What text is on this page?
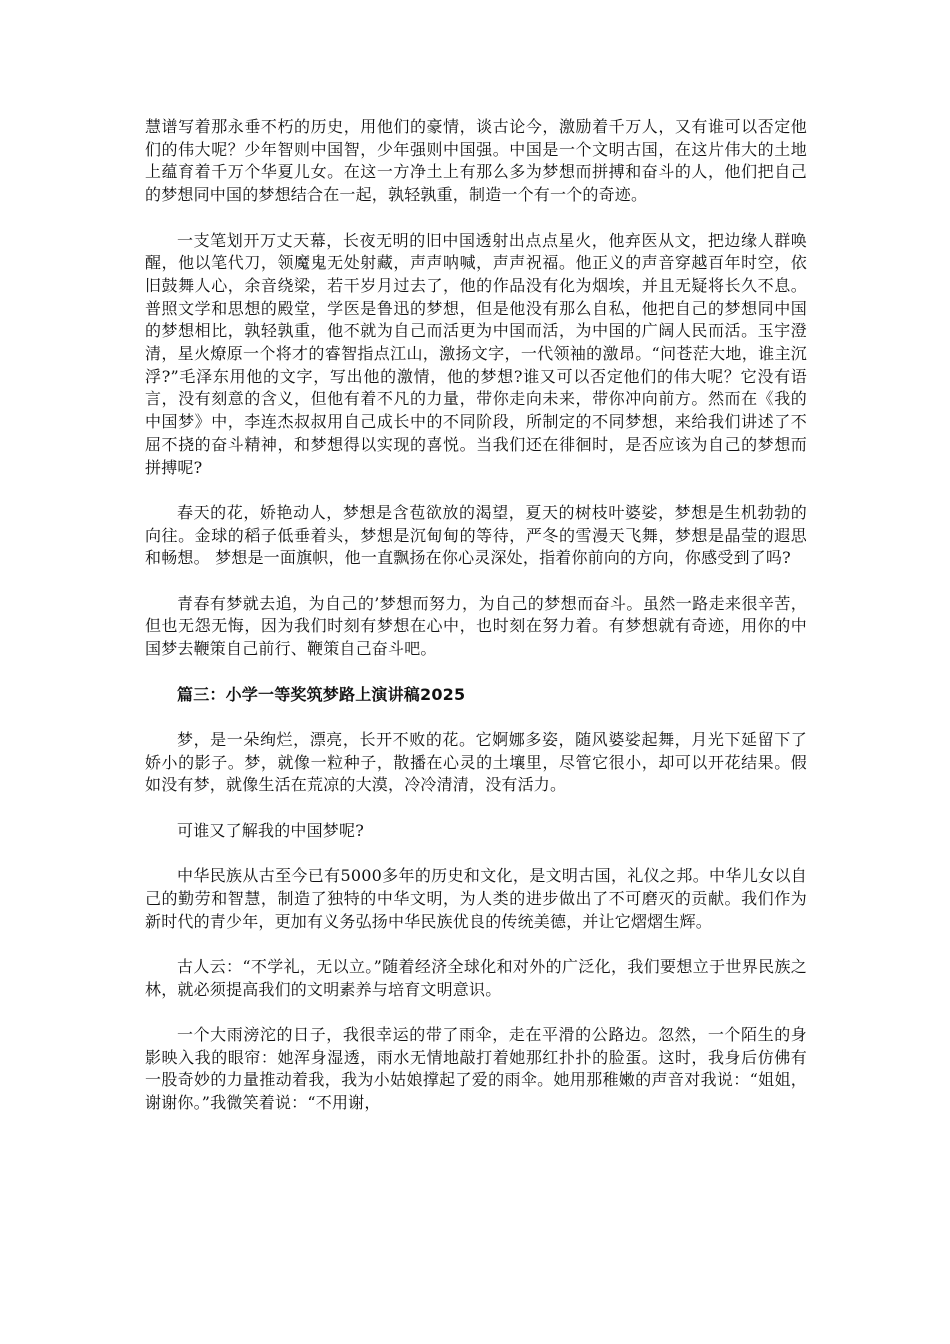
慧谱写着那永垂不朽的历史，用他们的豪情，谈古论今，激励着千万人，又有谁可以否定他们的伟大呢？少年智则中国智，少年强则中国强。中国是一个文明古国，在这片伟大的土地上蕴育着千万个华夏儿女。在这一方净土上有那么多为梦想而拼搏和奋斗的人，他们把自己的梦想同中国的梦想结合在一起，孰轻孰重，制造一个有一个的奇迹。

一支笔划开万丈天幕，长夜无明的旧中国透射出点点星火，他弃医从文，把边缘人群唤醒，他以笔代刀，领魔鬼无处射藏，声声呐喊，声声祝福。他正义的声音穿越百年时空，依旧鼓舞人心，余音绕梁，若干岁月过去了，他的作品没有化为烟埃，并且无疑将长久不息。普照文学和思想的殿堂，学医是鲁迅的梦想，但是他没有那么自私，他把自己的梦想同中国的梦想相比，孰轻孰重，他不就为自己而活更为中国而活，为中国的广阔人民而活。玉宇澄清，星火燎原一个将才的睿智指点江山，激扬文字，一代领袖的激昂。“问苍茫大地，谁主沉浮?”毛泽东用他的文字，写出他的激情，他的梦想?谁又可以否定他们的伟大呢？它没有语言，没有刻意的含义，但他有着不凡的力量，带你走向未来，带你冲向前方。然而在《我的中国梦》中，李连杰叔叔用自己成长中的不同阶段，所制定的不同梦想，来给我们讲述了不屈不挠的奋斗精神，和梦想得以实现的喜悦。当我们还在徘徊时，是否应该为自己的梦想而拼搏呢?

春天的花，娇艳动人，梦想是含苞欲放的渴望，夏天的树枝叶婆娑，梦想是生机勃勃的向往。金球的稻子低垂着头，梦想是沉甸甸的等待，严冬的雪漫天飞舞，梦想是晶莹的遐思和畅想。 梦想是一面旗帜，他一直飘扬在你心灵深处，指着你前向的方向，你感受到了吗?

青春有梦就去追，为自己的’梦想而努力，为自己的梦想而奋斗。虽然一路走来很辛苦，但也无怨无悔，因为我们时刻有梦想在心中，也时刻在努力着。有梦想就有奇迹，用你的中国梦去鞭策自己前行、鞭策自己奋斗吧。

篇三：小学一等奖筑梦路上演讲稿2025

梦，是一朵绚烂，漂亮，长开不败的花。它婀娜多姿，随风婆娑起舞，月光下延留下了娇小的影子。梦，就像一粒种子，散播在心灵的土壤里，尽管它很小，却可以开花结果。假如没有梦，就像生活在荒凉的大漠，冷冷清清，没有活力。

可谁又了解我的中国梦呢?

中华民族从古至今已有5000多年的历史和文化，是文明古国，礼仪之邦。中华儿女以自己的勤劳和智慧，制造了独特的中华文明，为人类的进步做出了不可磨灭的贡献。我们作为新时代的青少年，更加有义务弘扬中华民族优良的传统美德，并让它熠熠生辉。

古人云：“不学礼，无以立。”随着经济全球化和对外的广泛化，我们要想立于世界民族之林，就必须提高我们的文明素养与培育文明意识。

一个大雨滂沱的日子，我很幸运的带了雨伞，走在平滑的公路边。忽然，一个陌生的身影映入我的眼帘：她浑身湿透，雨水无情地敲打着她那红扑扑的脸蛋。这时，我身后仿佛有一股奇妙的力量推动着我，我为小姑娘撑起了爱的雨伞。她用那稚嫩的声音对我说：“姐姐，谢谢你。”我微笑着说：“不用谢，
